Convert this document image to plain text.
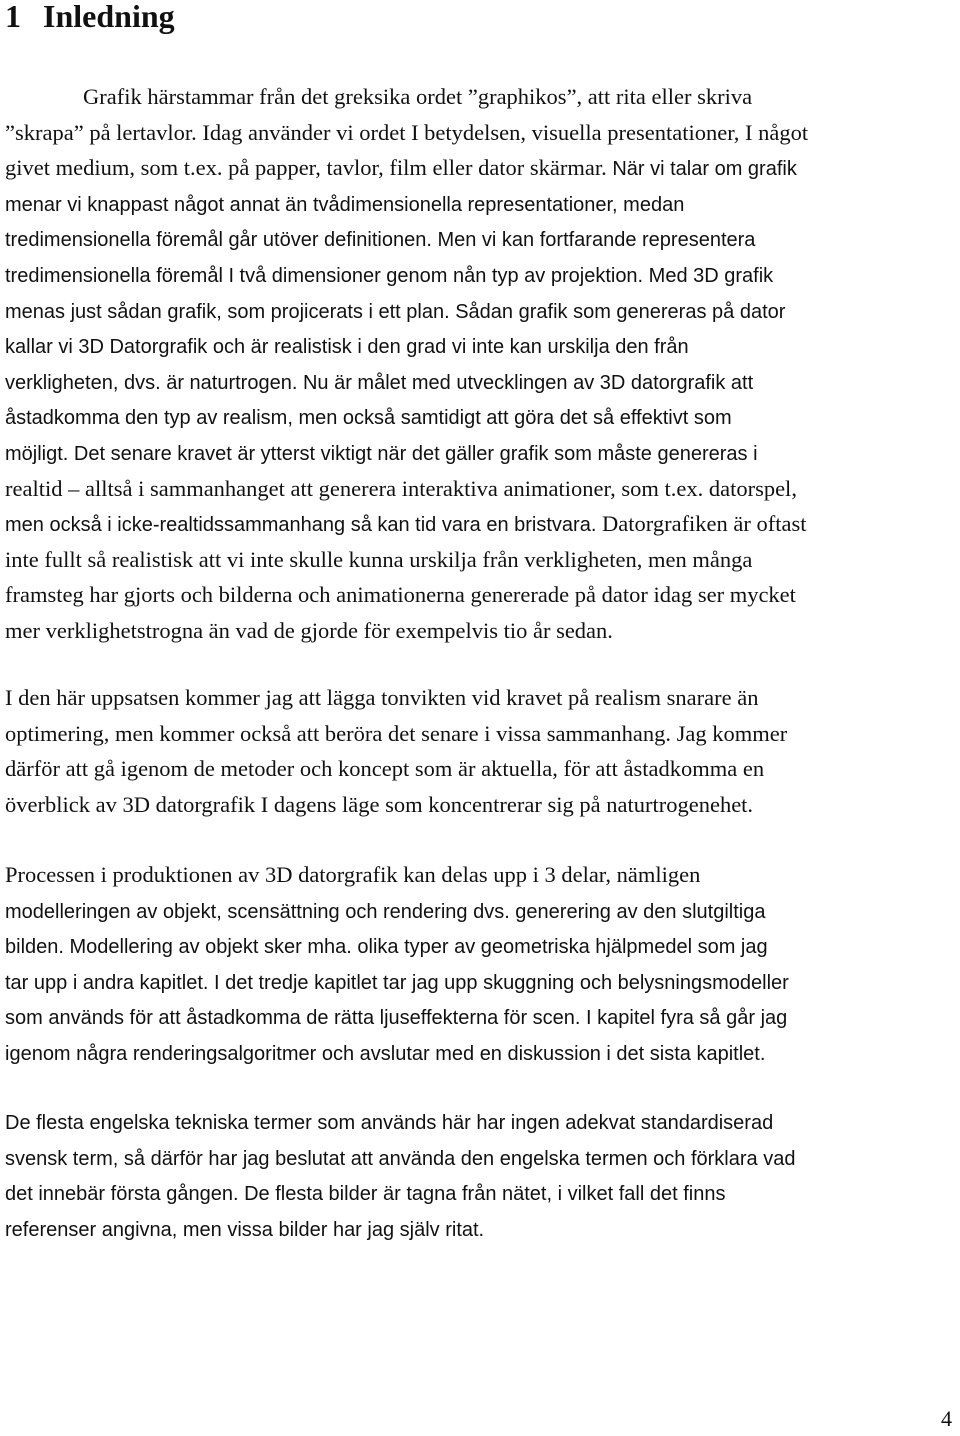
1 Inledning
Grafik härstammar från det greksika ordet ”graphikos”, att rita eller skriva
”skrapa” på lertavlor. Idag använder vi ordet I betydelsen, visuella presentationer, I något
givet medium, som t.ex. på papper, tavlor, film eller dator skärmar. När vi talar om grafik
menar vi knappast något annat än tvådimensionella representationer, medan
tredimensionella föremål går utöver definitionen. Men vi kan fortfarande representera
tredimensionella föremål I två dimensioner genom nån typ av projektion. Med 3D grafik
menas just sådan grafik, som projicerats i ett plan. Sådan grafik som genereras på dator
kallar vi 3D Datorgrafik och är realistisk i den grad vi inte kan urskilja den från
verkligheten, dvs. är naturtrogen. Nu är målet med utvecklingen av 3D datorgrafik att
åstadkomma den typ av realism, men också samtidigt att göra det så effektivt som
möjligt. Det senare kravet är ytterst viktigt när det gäller grafik som måste genereras i
realtid – alltså i sammanhanget att generera interaktiva animationer, som t.ex. datorspel,
men också i icke-realtidssammanhang så kan tid vara en bristvara. Datorgrafiken är oftast
inte fullt så realistisk att vi inte skulle kunna urskilja från verkligheten, men många
framsteg har gjorts och bilderna och animationerna genererade på dator idag ser mycket
mer verklighetstrogna än vad de gjorde för exempelvis tio år sedan.
I den här uppsatsen kommer jag att lägga tonvikten vid kravet på realism snarare än
optimering, men kommer också att beröra det senare i vissa sammanhang. Jag kommer
därför att gå igenom de metoder och koncept som är aktuella, för att åstadkomma en
överblick av 3D datorgrafik I dagens läge som koncentrerar sig på naturtrogenehet.
Processen i produktionen av 3D datorgrafik kan delas upp i 3 delar, nämligen
modelleringen av objekt, scensättning och rendering dvs. generering av den slutgiltiga
bilden. Modellering av objekt sker mha. olika typer av geometriska hjälpmedel som jag
tar upp i andra kapitlet. I det tredje kapitlet tar jag upp skuggning och belysningsmodeller
som används för att åstadkomma de rätta ljuseffekterna för scen. I kapitel fyra så går jag
igenom några renderingsalgoritmer och avslutar med en diskussion i det sista kapitlet.
De flesta engelska tekniska termer som används här har ingen adekvat standardiserad
svensk term, så därför har jag beslutat att använda den engelska termen och förklara vad
det innebär första gången. De flesta bilder är tagna från nätet, i vilket fall det finns
referenser angivna, men vissa bilder har jag själv ritat.
4
